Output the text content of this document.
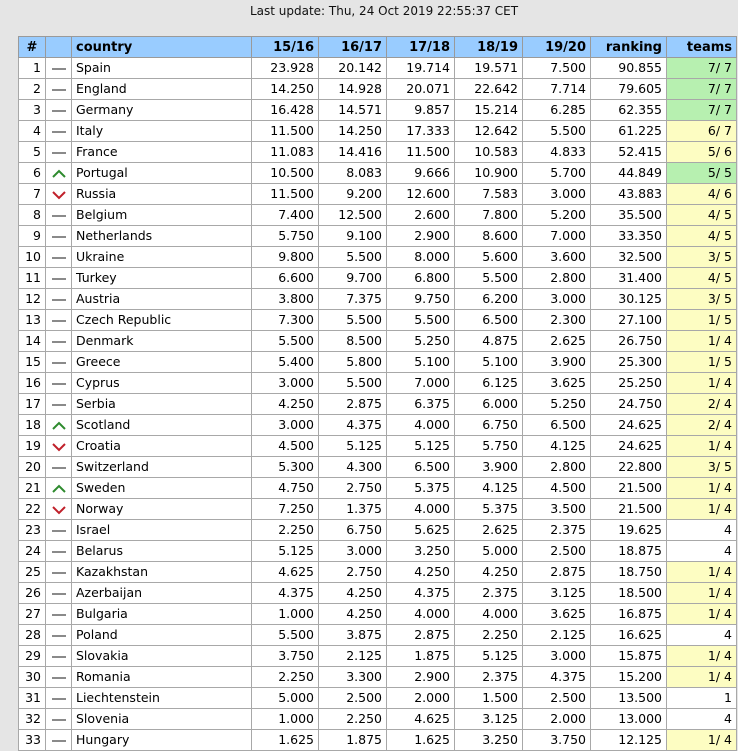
Last update: Thu, 24 Oct 2019 22:55:37 CET
#		country	15/16	16/17	17/18	18/19	19/20	ranking	teams
1		Spain	23.928	20.142	19.714	19.571	7.500	90.855	7/ 7
2		England	14.250	14.928	20.071	22.642	7.714	79.605	7/ 7
3		Germany	16.428	14.571	9.857	15.214	6.285	62.355	7/ 7
4		Italy	11.500	14.250	17.333	12.642	5.500	61.225	6/ 7
5		France	11.083	14.416	11.500	10.583	4.833	52.415	5/ 6
6		Portugal	10.500	8.083	9.666	10.900	5.700	44.849	5/ 5
7		Russia	11.500	9.200	12.600	7.583	3.000	43.883	4/ 6
8		Belgium	7.400	12.500	2.600	7.800	5.200	35.500	4/ 5
9		Netherlands	5.750	9.100	2.900	8.600	7.000	33.350	4/ 5
10		Ukraine	9.800	5.500	8.000	5.600	3.600	32.500	3/ 5
11		Turkey	6.600	9.700	6.800	5.500	2.800	31.400	4/ 5
12		Austria	3.800	7.375	9.750	6.200	3.000	30.125	3/ 5
13		Czech Republic	7.300	5.500	5.500	6.500	2.300	27.100	1/ 5
14		Denmark	5.500	8.500	5.250	4.875	2.625	26.750	1/ 4
15		Greece	5.400	5.800	5.100	5.100	3.900	25.300	1/ 5
16		Cyprus	3.000	5.500	7.000	6.125	3.625	25.250	1/ 4
17		Serbia	4.250	2.875	6.375	6.000	5.250	24.750	2/ 4
18		Scotland	3.000	4.375	4.000	6.750	6.500	24.625	2/ 4
19		Croatia	4.500	5.125	5.125	5.750	4.125	24.625	1/ 4
20		Switzerland	5.300	4.300	6.500	3.900	2.800	22.800	3/ 5
21		Sweden	4.750	2.750	5.375	4.125	4.500	21.500	1/ 4
22		Norway	7.250	1.375	4.000	5.375	3.500	21.500	1/ 4
23		Israel	2.250	6.750	5.625	2.625	2.375	19.625	4
24		Belarus	5.125	3.000	3.250	5.000	2.500	18.875	4
25		Kazakhstan	4.625	2.750	4.250	4.250	2.875	18.750	1/ 4
26		Azerbaijan	4.375	4.250	4.375	2.375	3.125	18.500	1/ 4
27		Bulgaria	1.000	4.250	4.000	4.000	3.625	16.875	1/ 4
28		Poland	5.500	3.875	2.875	2.250	2.125	16.625	4
29		Slovakia	3.750	2.125	1.875	5.125	3.000	15.875	1/ 4
30		Romania	2.250	3.300	2.900	2.375	4.375	15.200	1/ 4
31		Liechtenstein	5.000	2.500	2.000	1.500	2.500	13.500	1
32		Slovenia	1.000	2.250	4.625	3.125	2.000	13.000	4
33		Hungary	1.625	1.875	1.625	3.250	3.750	12.125	1/ 4
